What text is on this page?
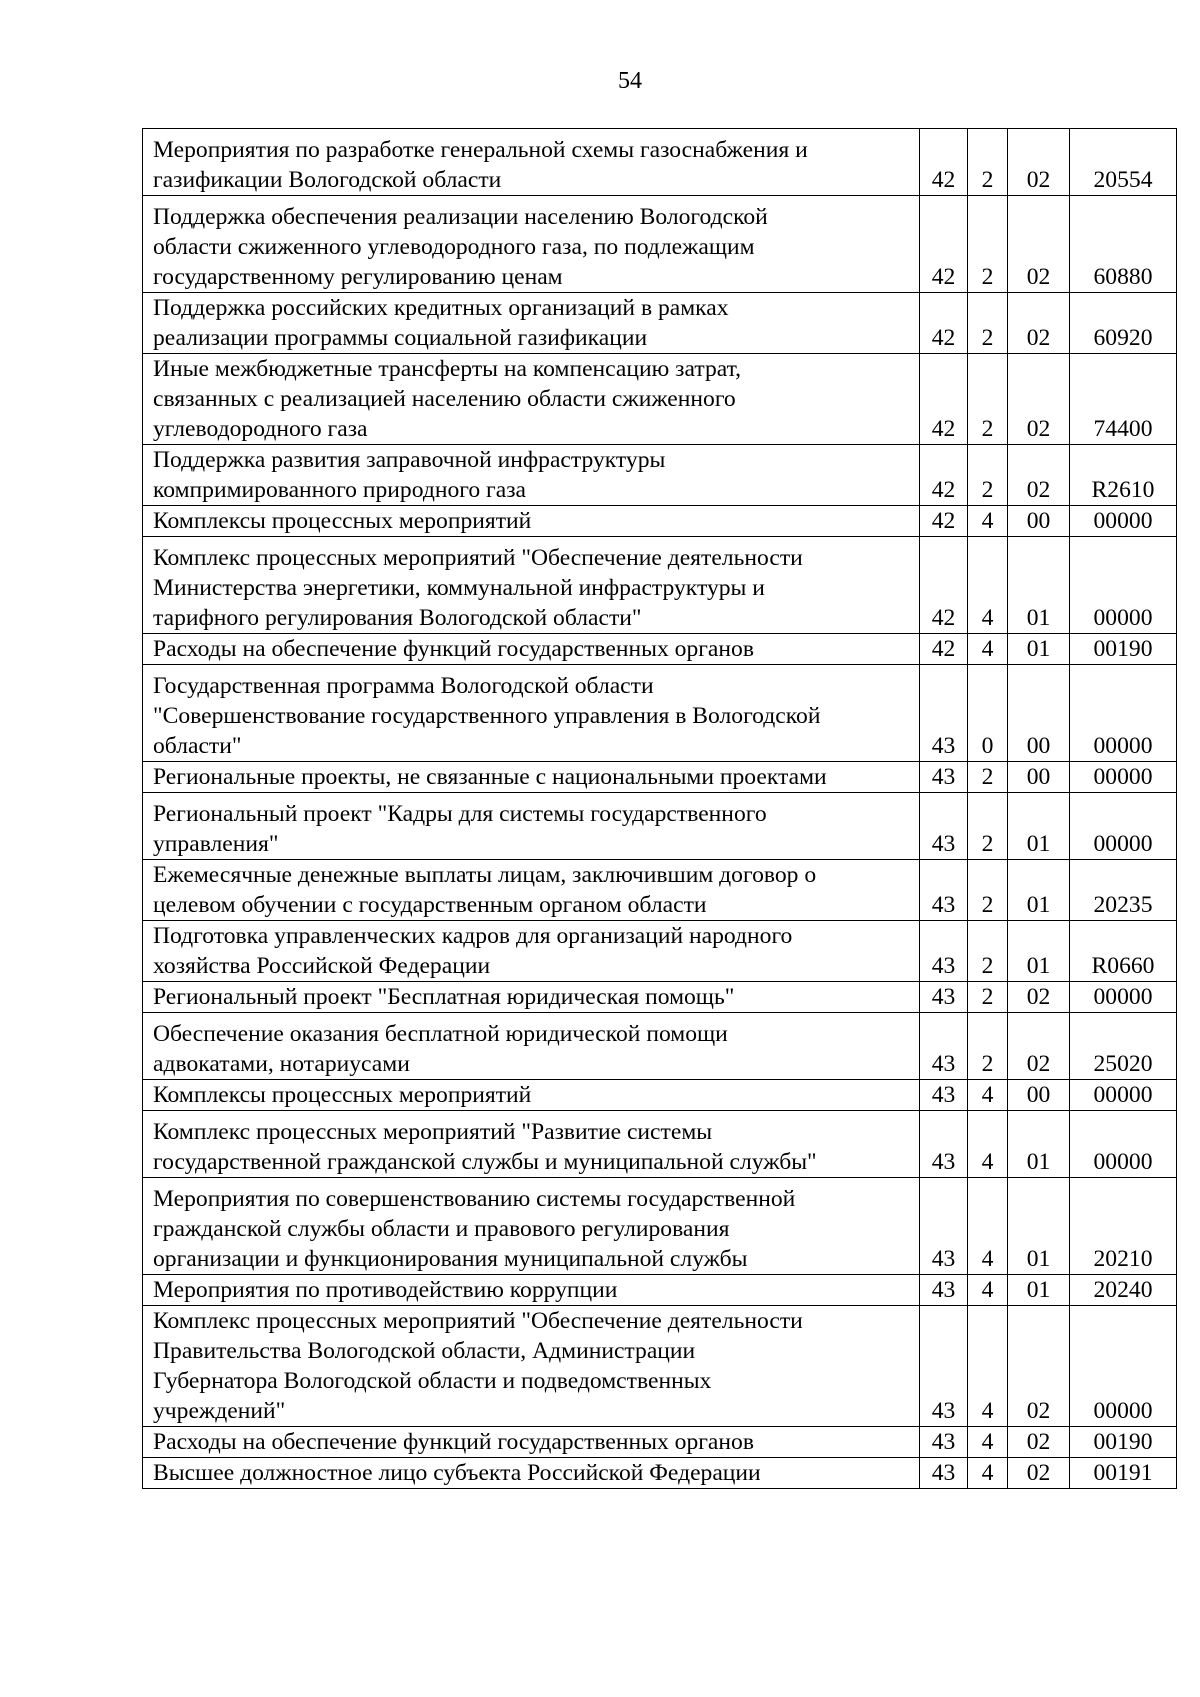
54
Мероприятия по разработке генеральной схемы газоснабжения и
газификации Вологодской области	42	2	02	20554
Поддержка обеспечения реализации населению Вологодской
области сжиженного углеводородного газа, по подлежащим
государственному регулированию ценам	42	2	02	60880
Поддержка российских кредитных организаций в рамках
реализации программы социальной газификации	42	2	02	60920
Иные межбюджетные трансферты на компенсацию затрат,
связанных с реализацией населению области сжиженного
углеводородного газа	42	2	02	74400
Поддержка развития заправочной инфраструктуры
компримированного природного газа	42	2	02	R2610
Комплексы процессных мероприятий	42	4	00	00000
Комплекс процессных мероприятий "Обеспечение деятельности
Министерства энергетики, коммунальной инфраструктуры и
тарифного регулирования Вологодской области"	42	4	01	00000
Расходы на обеспечение функций государственных органов	42	4	01	00190
Государственная программа Вологодской области
"Совершенствование государственного управления в Вологодской
области"	43	0	00	00000
Региональные проекты, не связанные с национальными проектами	43	2	00	00000
Региональный проект "Кадры для системы государственного
управления"	43	2	01	00000
Ежемесячные денежные выплаты лицам, заключившим договор о
целевом обучении с государственным органом области	43	2	01	20235
Подготовка управленческих кадров для организаций народного
хозяйства Российской Федерации	43	2	01	R0660
Региональный проект "Бесплатная юридическая помощь"	43	2	02	00000
Обеспечение оказания бесплатной юридической помощи
адвокатами, нотариусами	43	2	02	25020
Комплексы процессных мероприятий	43	4	00	00000
Комплекс процессных мероприятий "Развитие системы
государственной гражданской службы и муниципальной службы"	43	4	01	00000
Мероприятия по совершенствованию системы государственной
гражданской службы области и правового регулирования
организации и функционирования муниципальной службы	43	4	01	20210
Мероприятия по противодействию коррупции	43	4	01	20240
Комплекс процессных мероприятий "Обеспечение деятельности
Правительства Вологодской области, Администрации
Губернатора Вологодской области и подведомственных
учреждений"	43	4	02	00000
Расходы на обеспечение функций государственных органов	43	4	02	00190
Высшее должностное лицо субъекта Российской Федерации	43	4	02	00191
